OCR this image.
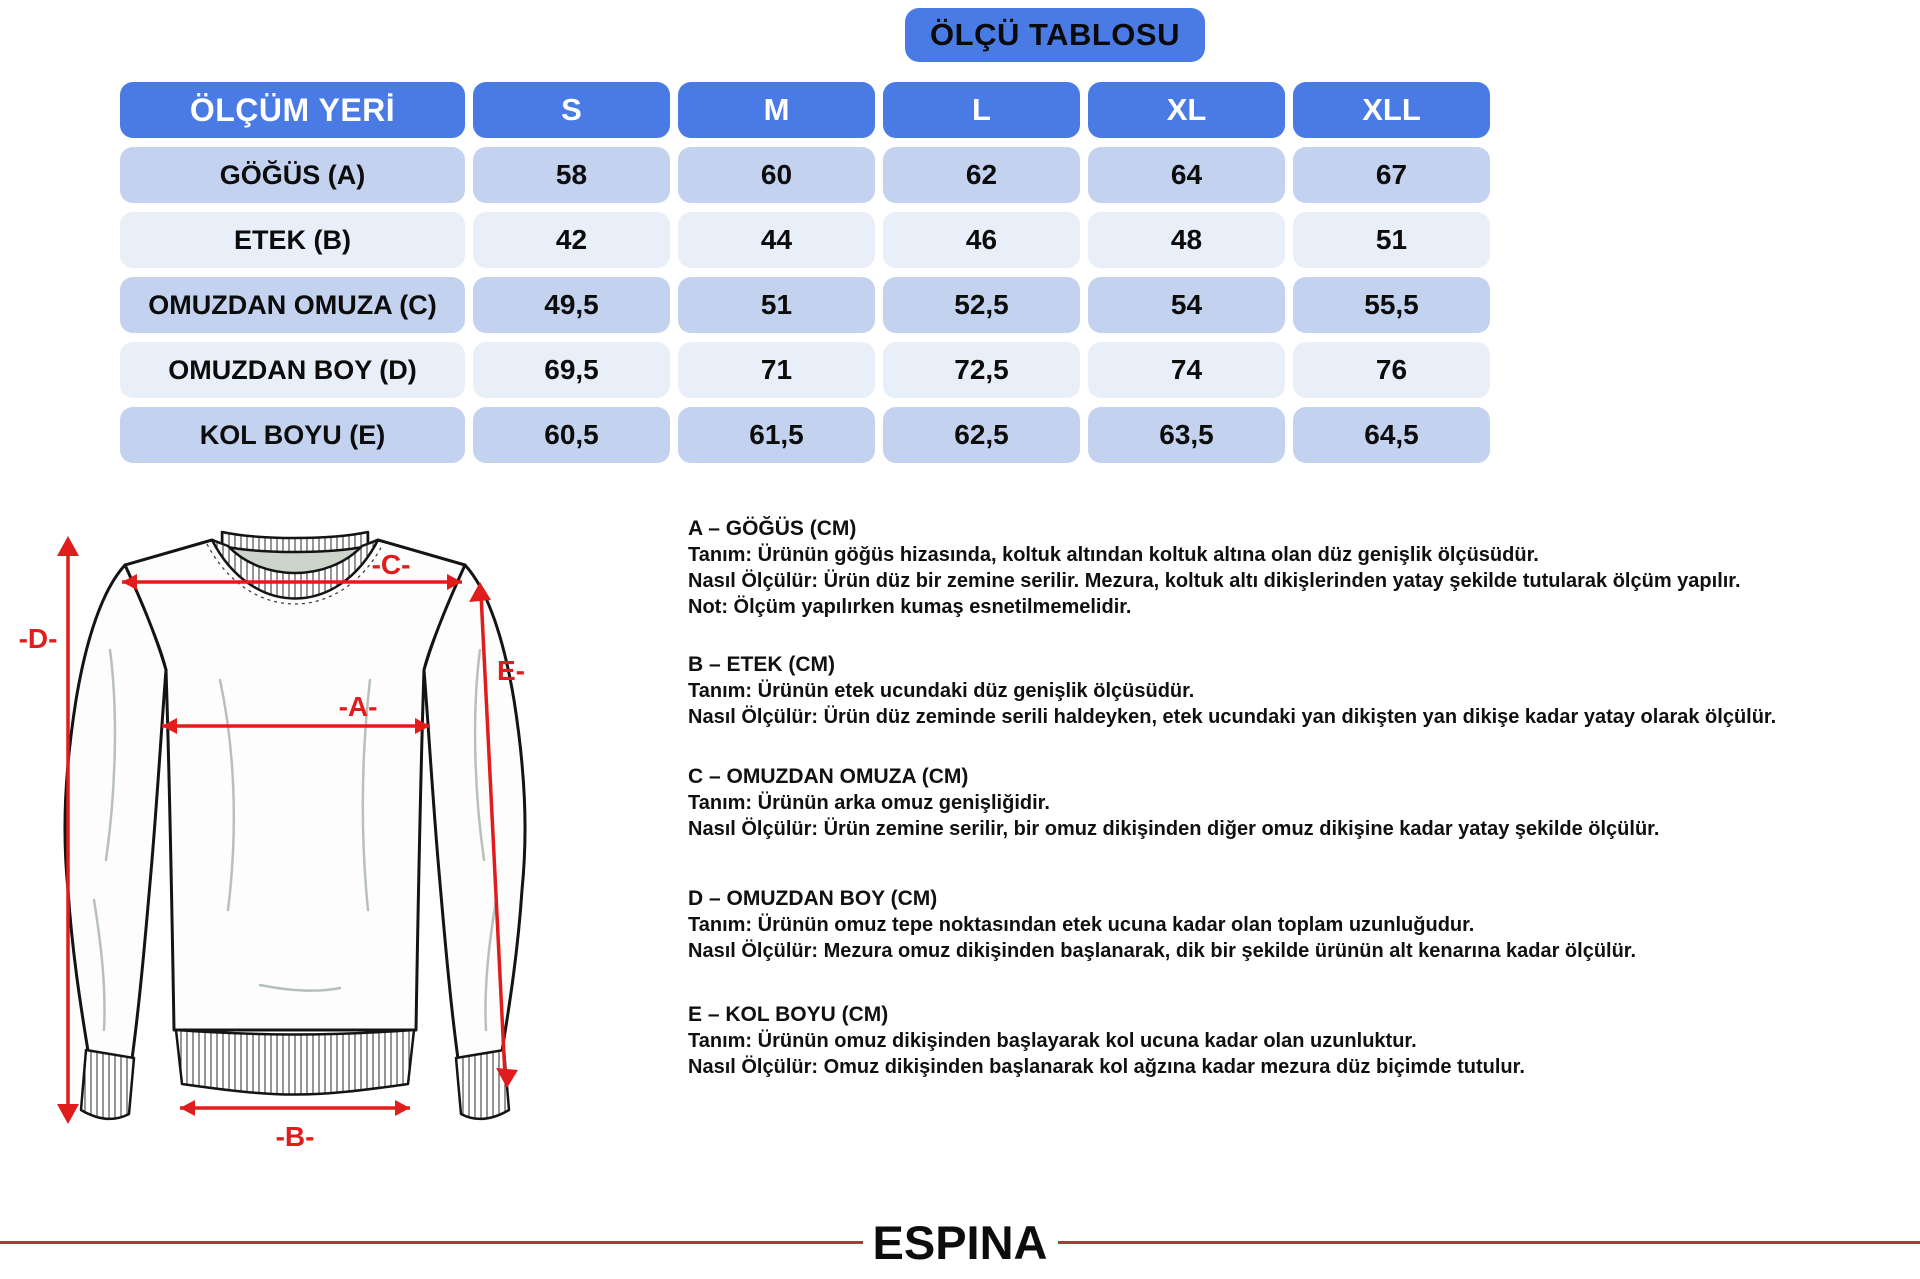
ÖLÇÜ TABLOSU
ÖLÇÜM YERİ	S	M	L	XL	XLL
GÖĞÜS (A)	58	60	62	64	67
ETEK (B)	42	44	46	48	51
OMUZDAN OMUZA (C)	49,5	51	52,5	54	55,5
OMUZDAN BOY (D)	69,5	71	72,5	74	76
KOL BOYU (E)	60,5	61,5	62,5	63,5	64,5
-D-
-C-
-A-
E-
-B-

A – GÖĞÜS (CM)

Tanım: Ürünün göğüs hizasında, koltuk altından koltuk altına olan düz genişlik ölçüsüdür.

Nasıl Ölçülür: Ürün düz bir zemine serilir. Mezura, koltuk altı dikişlerinden yatay şekilde tutularak ölçüm yapılır.

Not: Ölçüm yapılırken kumaş esnetilmemelidir.

B – ETEK (CM)

Tanım: Ürünün etek ucundaki düz genişlik ölçüsüdür.

Nasıl Ölçülür: Ürün düz zeminde serili haldeyken, etek ucundaki yan dikişten yan dikişe kadar yatay olarak ölçülür.

C – OMUZDAN OMUZA (CM)

Tanım: Ürünün arka omuz genişliğidir.

Nasıl Ölçülür: Ürün zemine serilir, bir omuz dikişinden diğer omuz dikişine kadar yatay şekilde ölçülür.

D – OMUZDAN BOY (CM)

Tanım: Ürünün omuz tepe noktasından etek ucuna kadar olan toplam uzunluğudur.

Nasıl Ölçülür: Mezura omuz dikişinden başlanarak, dik bir şekilde ürünün alt kenarına kadar ölçülür.

E – KOL BOYU (CM)

Tanım: Ürünün omuz dikişinden başlayarak kol ucuna kadar olan uzunluktur.

Nasıl Ölçülür: Omuz dikişinden başlanarak kol ağzına kadar mezura düz biçimde tutulur.

ESPINA
